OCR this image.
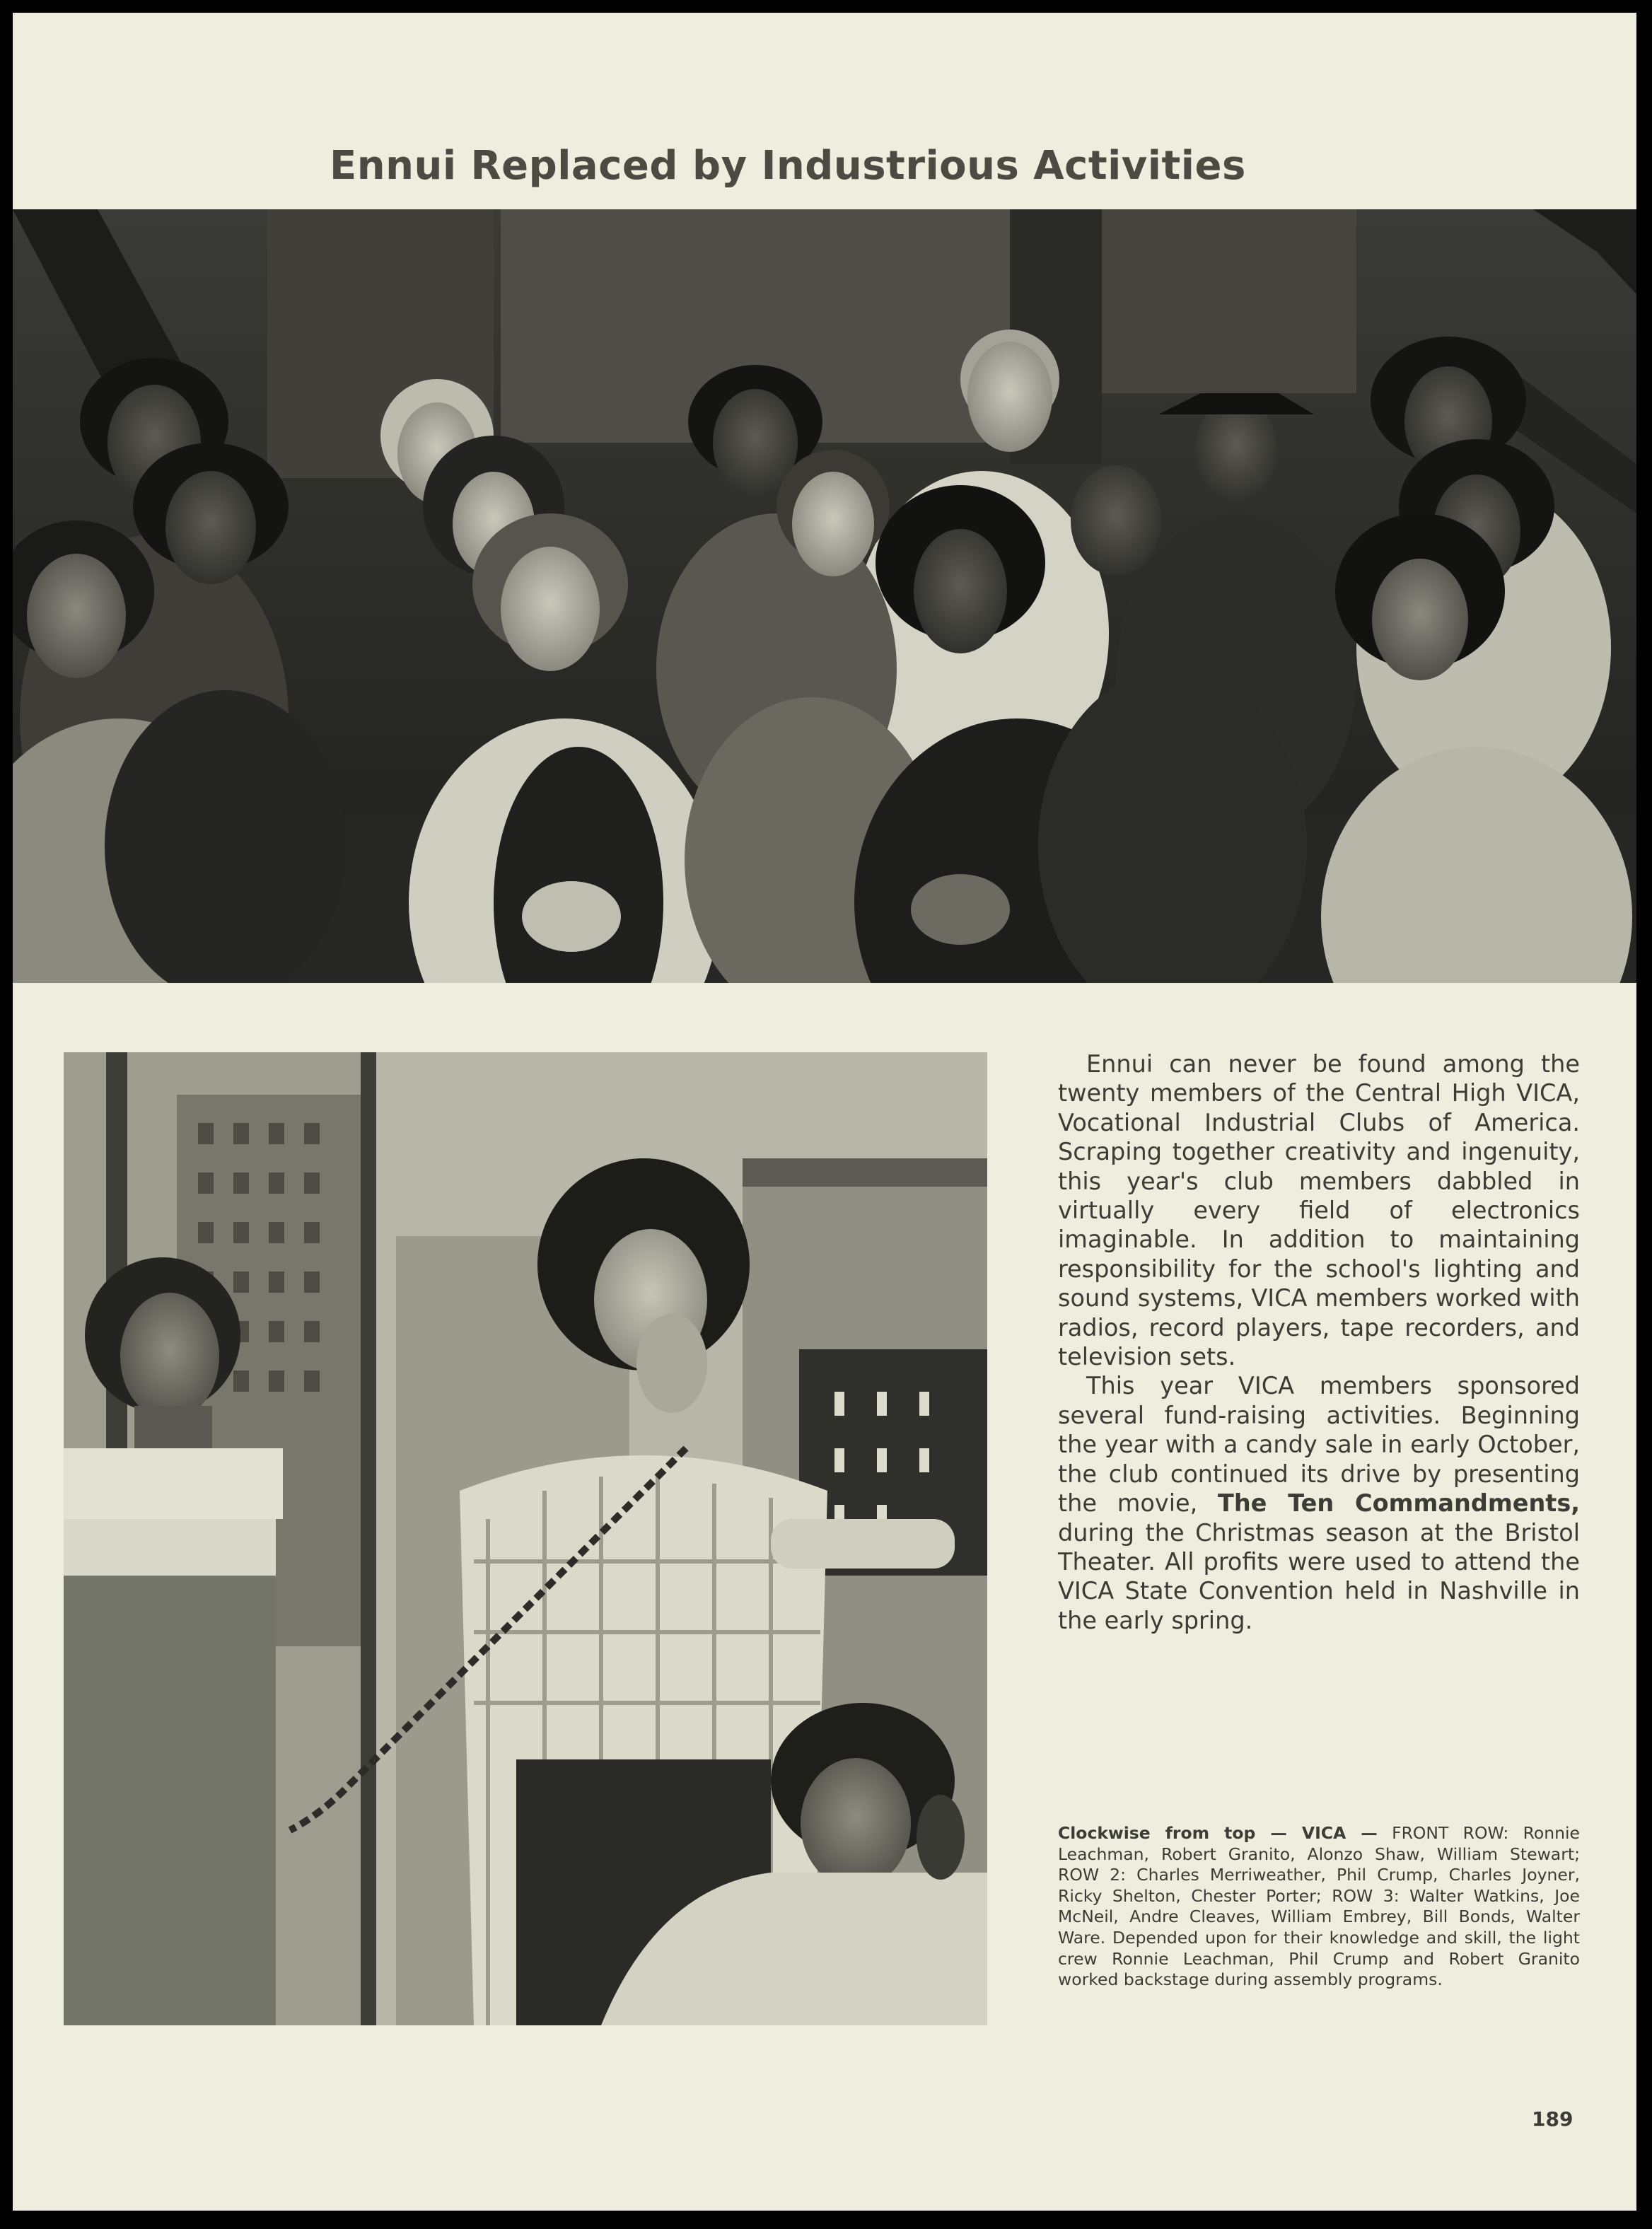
Ennui Replaced by Industrious Activities

Ennui can never be found among the twenty members of the Central High VICA, Vocational Industrial Clubs of America. Scraping together creativity and ingenuity, this year's club members dabbled in virtually every field of electronics imaginable. In addition to maintaining responsibility for the school's lighting and sound systems, VICA members worked with radios, record players, tape recorders, and television sets.

This year VICA members sponsored several fund-raising activities. Beginning the year with a candy sale in early October, the club continued its drive by presenting the movie, The Ten Commandments, during the Christmas season at the Bristol Theater. All profits were used to attend the VICA State Convention held in Nashville in the early spring.

Clockwise from top — VICA — FRONT ROW: Ronnie Leachman, Robert Granito, Alonzo Shaw, William Stewart; ROW 2: Charles Merriweather, Phil Crump, Charles Joyner, Ricky Shelton, Chester Porter; ROW 3: Walter Watkins, Joe McNeil, Andre Cleaves, William Embrey, Bill Bonds, Walter Ware. Depended upon for their knowledge and skill, the light crew Ronnie Leachman, Phil Crump and Robert Granito worked backstage during assembly programs.
189
